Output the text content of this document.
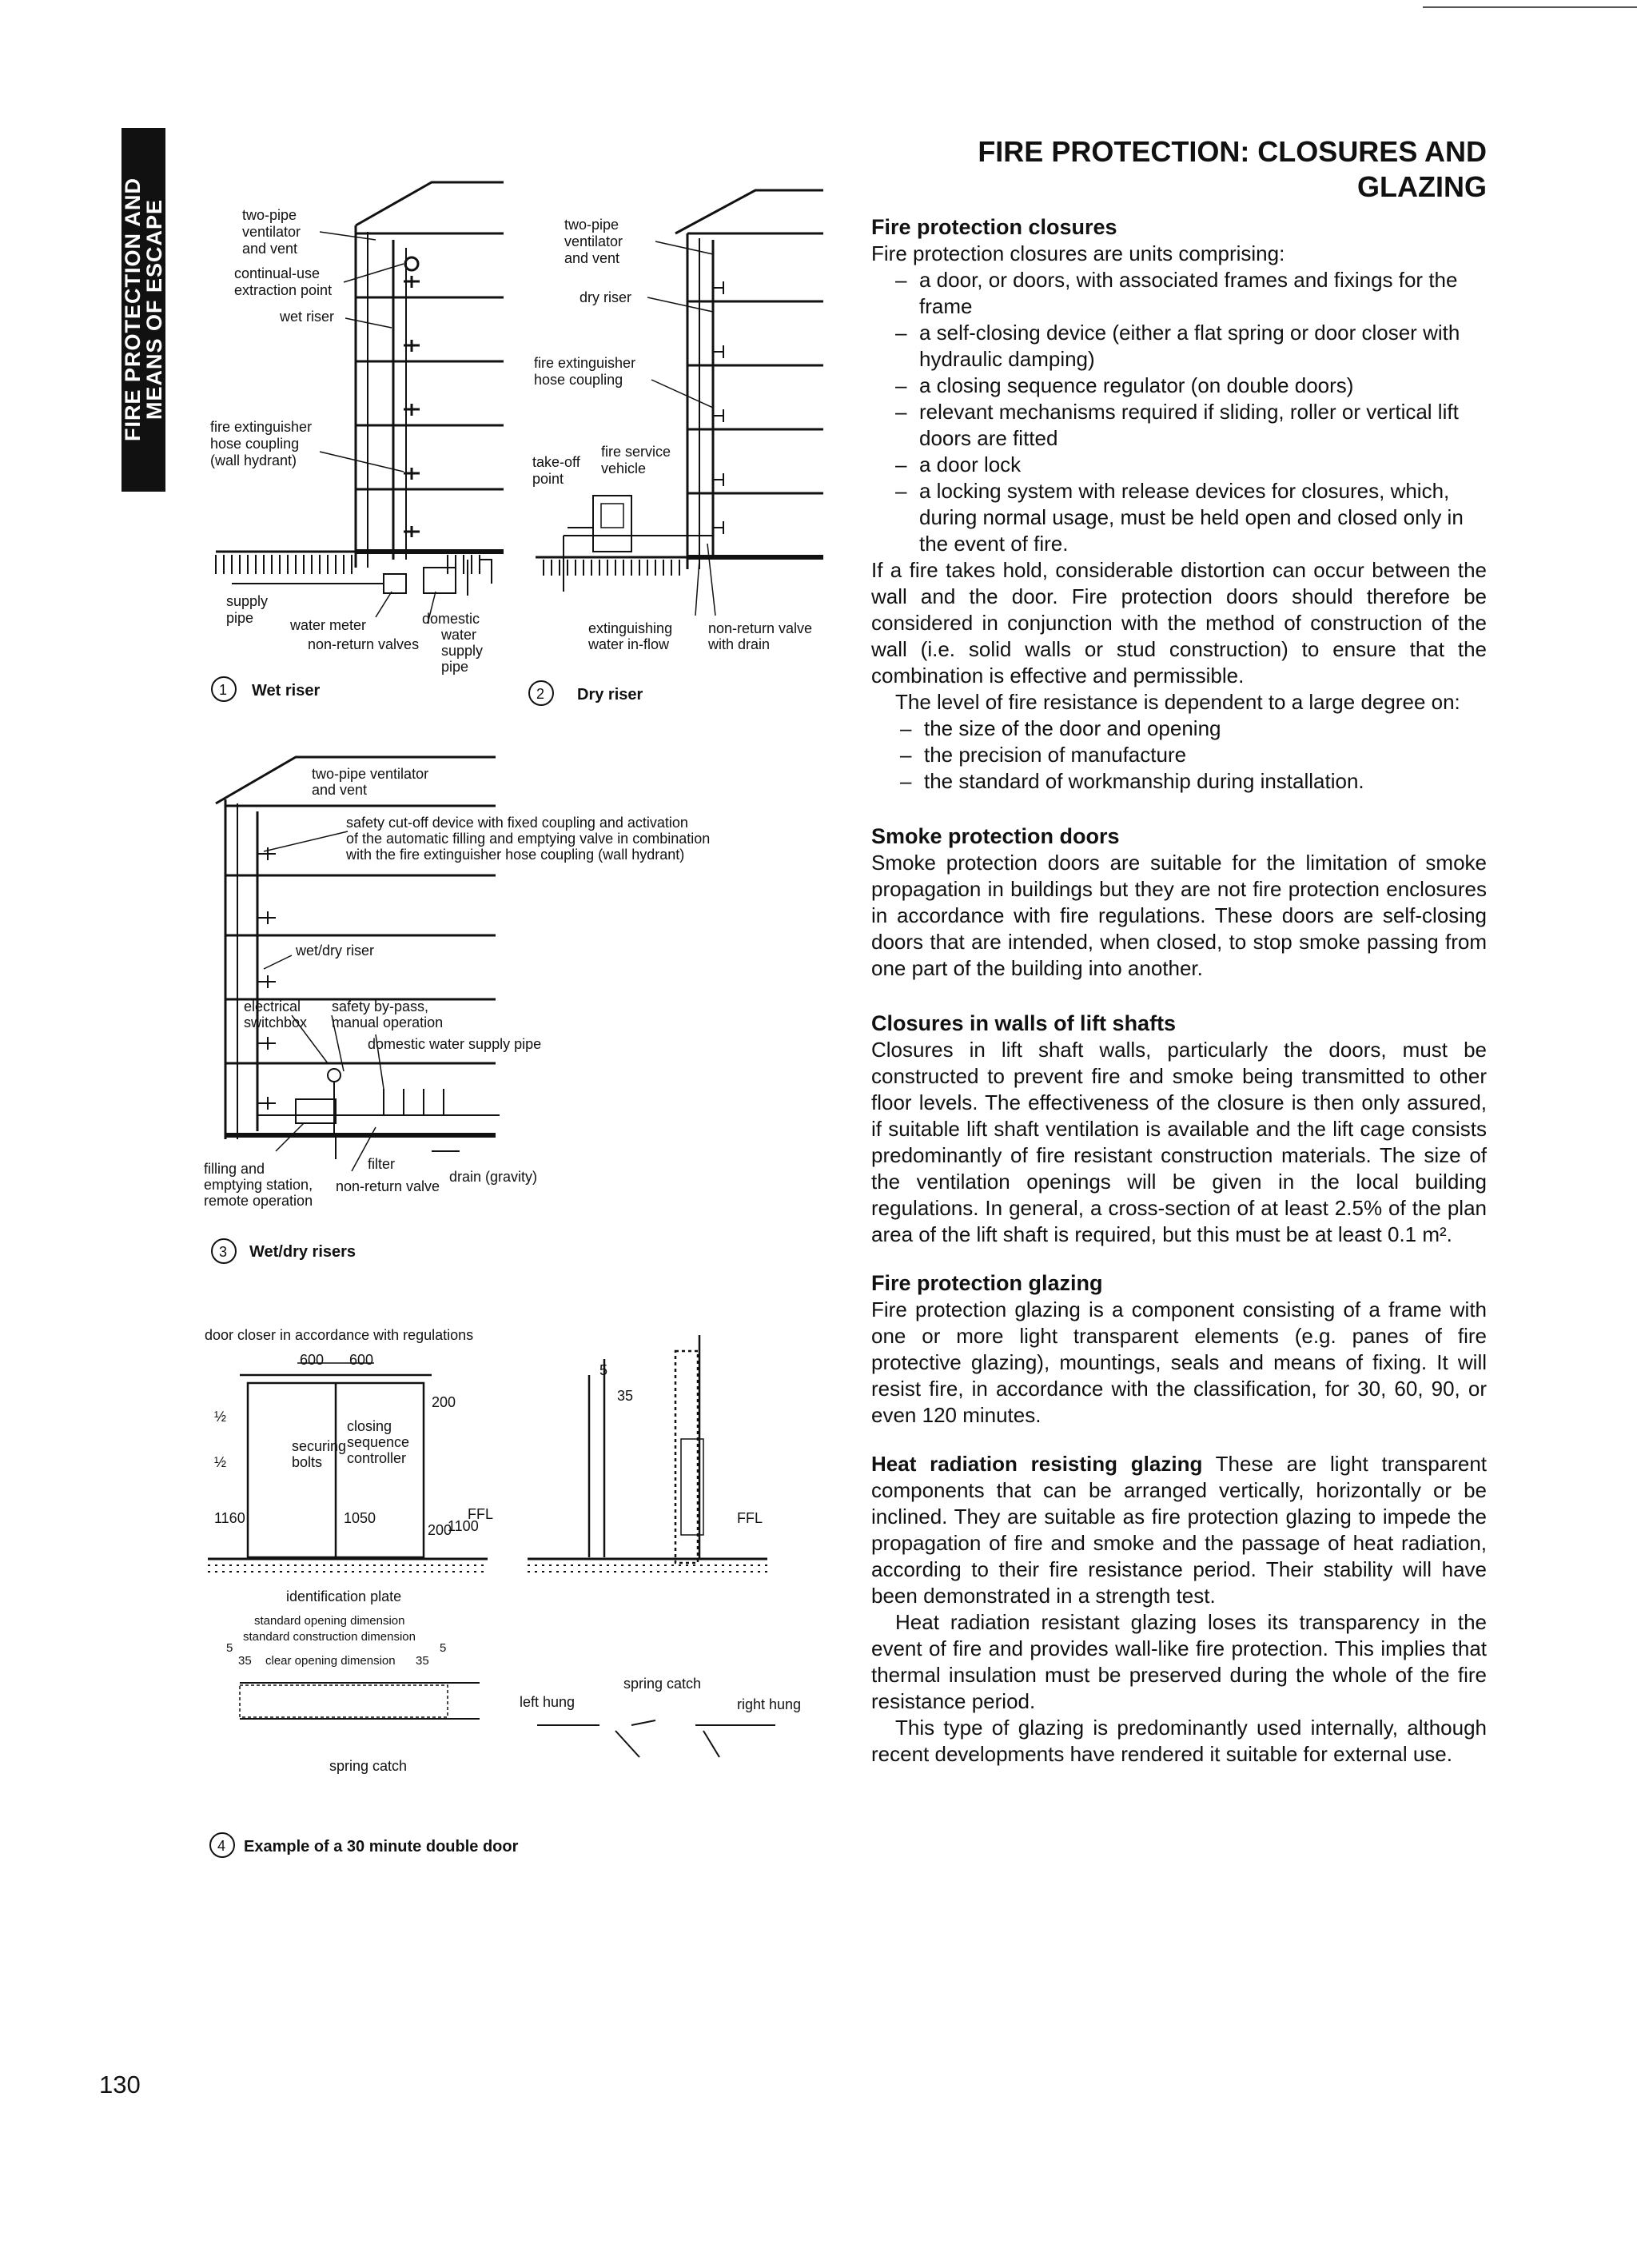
FIRE PROTECTION AND
MEANS OF ESCAPE
FIRE PROTECTION: CLOSURES AND
GLAZING
two-pipe ventilator and vent continual-use extraction point wet riser fire extinguisher hose coupling (wall hydrant) supply pipe	water meter non-return valves domestic water supply pipe
1 Wet riser
two-pipe ventilator and vent dry riser fire extinguisher hose coupling fire service vehicle take-off point extinguishing water in-flow non-return valve with drain
2 Dry riser
two-pipe ventilator and vent safety cut-off device with fixed coupling and activation of the automatic filling and emptying valve in combination with the fire extinguisher hose coupling (wall hydrant) wet/dry riser electrical switchbox safety by-pass, manual operation domestic water supply pipe filling and emptying station, remote operation filter non-return valve drain (gravity)
3 Wet/dry risers
door closer in accordance with regulations 600 600 200 ½ ½ 1160 securing bolts closing sequence controller 1050 200 1100 FFL identification plate 5 35 FFL
standard opening dimension standard construction dimension 5	5 35 clear opening dimension 35
spring catch spring catch left hung	right hung
4 Example of a 30 minute double door
Fire protection closures

Fire protection closures are units comprising:

– a door, or doors, with associated frames and fixings for the frame
– a self-closing device (either a flat spring or door closer with hydraulic damping)
– a closing sequence regulator (on double doors)
– relevant mechanisms required if sliding, roller or vertical lift doors are fitted
– a door lock
– a locking system with release devices for closures, which, during normal usage, must be held open and closed only in the event of fire.

If a fire takes hold, considerable distortion can occur between the wall and the door. Fire protection doors should therefore be considered in conjunction with the method of construction of the wall (i.e. solid walls or stud construction) to ensure that the combination is effective and permissible.

The level of fire resistance is dependent to a large degree on:

– the size of the door and opening
– the precision of manufacture
– the standard of workmanship during installation.
Smoke protection doors

Smoke protection doors are suitable for the limitation of smoke propagation in buildings but they are not fire protection enclosures in accordance with fire regulations. These doors are self-closing doors that are intended, when closed, to stop smoke passing from one part of the building into another.

Closures in walls of lift shafts

Closures in lift shaft walls, particularly the doors, must be constructed to prevent fire and smoke being transmitted to other floor levels. The effectiveness of the closure is then only assured, if suitable lift shaft ventilation is available and the lift cage consists predominantly of fire resistant construction materials. The size of the ventilation openings will be given in the local building regulations. In general, a cross-section of at least 2.5% of the plan area of the lift shaft is required, but this must be at least 0.1 m².

Fire protection glazing

Fire protection glazing is a component consisting of a frame with one or more light transparent elements (e.g. panes of fire protective glazing), mountings, seals and means of fixing. It will resist fire, in accordance with the classification, for 30, 60, 90, or even 120 minutes.

Heat radiation resisting glazing These are light transparent components that can be arranged vertically, horizontally or be inclined. They are suitable as fire protection glazing to impede the propagation of fire and smoke and the passage of heat radiation, according to their fire resistance period. Their stability will have been demonstrated in a strength test.

Heat radiation resistant glazing loses its transparency in the event of fire and provides wall-like fire protection. This implies that thermal insulation must be preserved during the whole of the fire resistance period.

This type of glazing is predominantly used internally, although recent developments have rendered it suitable for external use.

130
